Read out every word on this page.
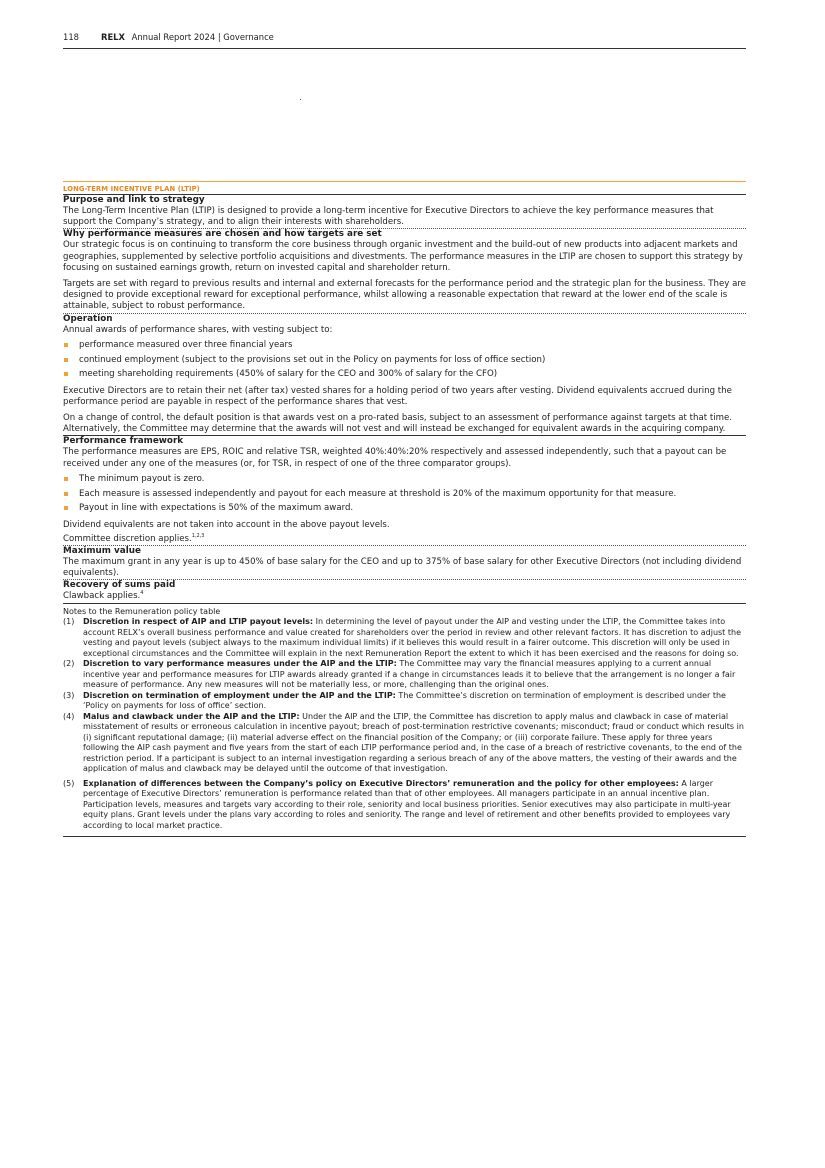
118	RELX Annual Report 2024 | Governance
LONG-TERM INCENTIVE PLAN (LTIP)
Purpose and link to strategy

The Long-Term Incentive Plan (LTIP) is designed to provide a long-term incentive for Executive Directors to achieve the key performance measures that support the Company’s strategy, and to align their interests with shareholders.

Why performance measures are chosen and how targets are set

Our strategic focus is on continuing to transform the core business through organic investment and the build-out of new products into adjacent markets and geographies, supplemented by selective portfolio acquisitions and divestments. The performance measures in the LTIP are chosen to support this strategy by focusing on sustained earnings growth, return on invested capital and shareholder return.

Targets are set with regard to previous results and internal and external forecasts for the performance period and the strategic plan for the business. They are designed to provide exceptional reward for exceptional performance, whilst allowing a reasonable expectation that reward at the lower end of the scale is attainable, subject to robust performance.

Operation

Annual awards of performance shares, with vesting subject to:

performance measured over three financial years
continued employment (subject to the provisions set out in the Policy on payments for loss of office section)
meeting shareholding requirements (450% of salary for the CEO and 300% of salary for the CFO)

Executive Directors are to retain their net (after tax) vested shares for a holding period of two years after vesting. Dividend equivalents accrued during the performance period are payable in respect of the performance shares that vest.

On a change of control, the default position is that awards vest on a pro-rated basis, subject to an assessment of performance against targets at that time. Alternatively, the Committee may determine that the awards will not vest and will instead be exchanged for equivalent awards in the acquiring company.

Performance framework

The performance measures are EPS, ROIC and relative TSR, weighted 40%:40%:20% respectively and assessed independently, such that a payout can be received under any one of the measures (or, for TSR, in respect of one of the three comparator groups).

The minimum payout is zero.
Each measure is assessed independently and payout for each measure at threshold is 20% of the maximum opportunity for that measure.
Payout in line with expectations is 50% of the maximum award.

Dividend equivalents are not taken into account in the above payout levels.

Committee discretion applies.$^{1,2,3}$

Maximum value

The maximum grant in any year is up to 450% of base salary for the CEO and up to 375% of base salary for other Executive Directors (not including dividend equivalents).

Recovery of sums paid

Clawback applies.$^4$

Notes to the Remuneration policy table
(1)	Discretion in respect of AIP and LTIP payout levels: In determining the level of payout under the AIP and vesting under the LTIP, the Committee takes into account RELX’s overall business performance and value created for shareholders over the period in review and other relevant factors. It has discretion to adjust the vesting and payout levels (subject always to the maximum individual limits) if it believes this would result in a fairer outcome. This discretion will only be used in exceptional circumstances and the Committee will explain in the next Remuneration Report the extent to which it has been exercised and the reasons for doing so.
(2)	Discretion to vary performance measures under the AIP and the LTIP: The Committee may vary the financial measures applying to a current annual incentive year and performance measures for LTIP awards already granted if a change in circumstances leads it to believe that the arrangement is no longer a fair measure of performance. Any new measures will not be materially less, or more, challenging than the original ones.
(3)	Discretion on termination of employment under the AIP and the LTIP: The Committee’s discretion on termination of employment is described under the ‘Policy on payments for loss of office’ section.
(4)	Malus and clawback under the AIP and the LTIP: Under the AIP and the LTIP, the Committee has discretion to apply malus and clawback in case of material misstatement of results or erroneous calculation in incentive payout; breach of post-termination restrictive covenants; misconduct; fraud or conduct which results in (i) significant reputational damage; (ii) material adverse effect on the financial position of the Company; or (iii) corporate failure. These apply for three years following the AIP cash payment and five years from the start of each LTIP performance period and, in the case of a breach of restrictive covenants, to the end of the restriction period. If a participant is subject to an internal investigation regarding a serious breach of any of the above matters, the vesting of their awards and the application of malus and clawback may be delayed until the outcome of that investigation.
(5)	Explanation of differences between the Company’s policy on Executive Directors’ remuneration and the policy for other employees: A larger percentage of Executive Directors’ remuneration is performance related than that of other employees. All managers participate in an annual incentive plan. Participation levels, measures and targets vary according to their role, seniority and local business priorities. Senior executives may also participate in multi-year equity plans. Grant levels under the plans vary according to roles and seniority. The range and level of retirement and other benefits provided to employees vary according to local market practice.
